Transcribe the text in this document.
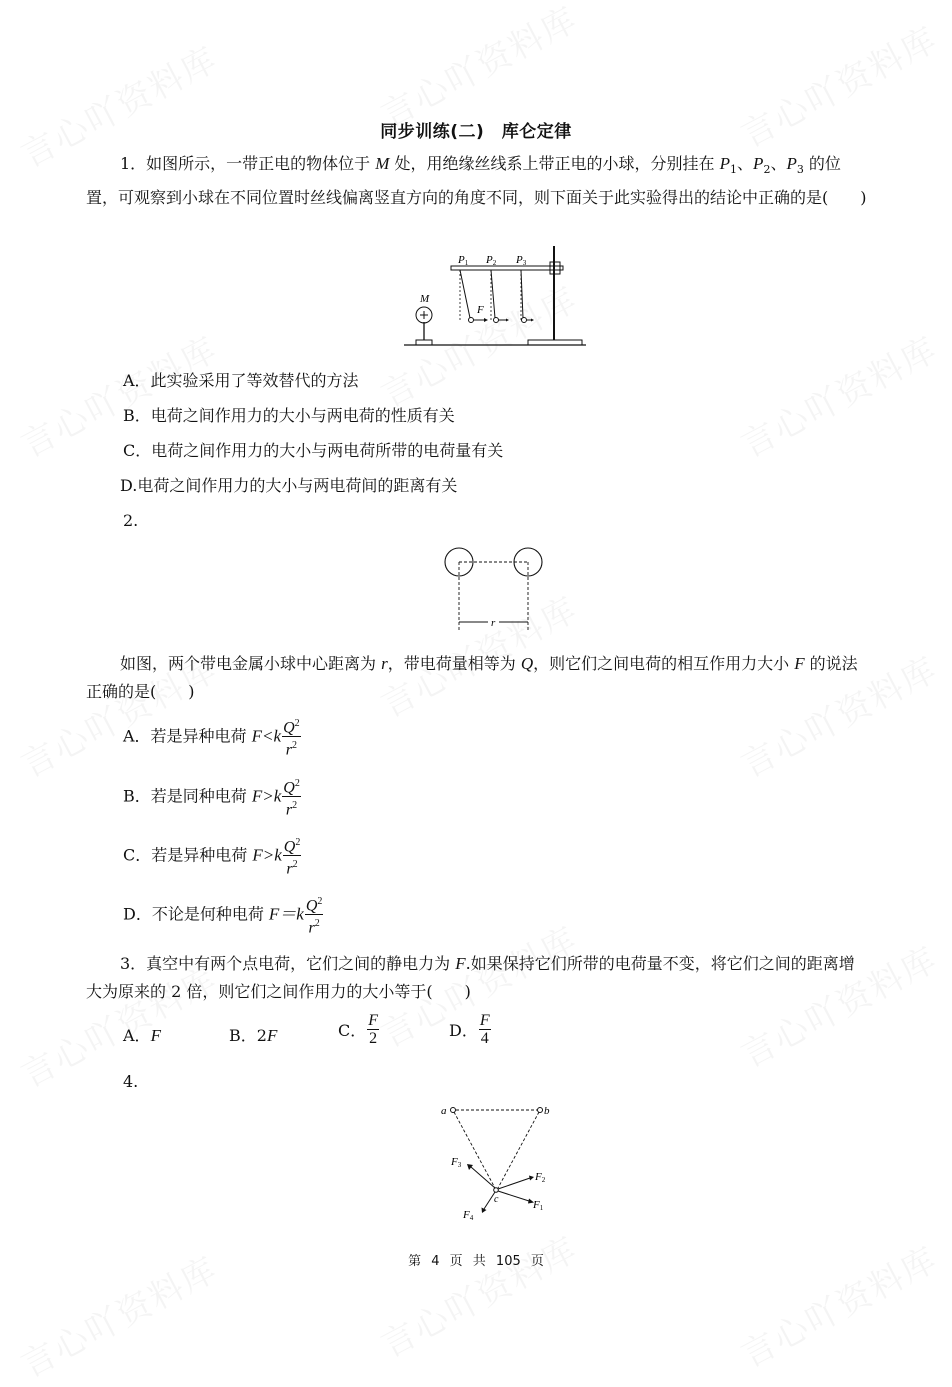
同步训练(二)　库仑定律
1．如图所示，一带正电的物体位于 M 处，用绝缘丝线系上带正电的小球，分别挂在 $P_1$、$P_2$、$P_3$ 的位置，可观察到小球在不同位置时丝线偏离竖直方向的角度不同，则下面关于此实验得出的结论中正确的是(　　)
M
F
P1 P2 P3
A．此实验采用了等效替代的方法
B．电荷之间作用力的大小与两电荷的性质有关
C．电荷之间作用力的大小与两电荷所带的电荷量有关
D.电荷之间作用力的大小与两电荷间的距离有关
2.
r
如图，两个带电金属小球中心距离为 r，带电荷量相等为 Q，则它们之间电荷的相互作用力大小 F 的说法正确的是(　　)
A．若是异种电荷 $F<k \frac{Q^2}{r^2}$
B．若是同种电荷 $F>k \frac{Q^2}{r^2}$
C．若是异种电荷 $F>k \frac{Q^2}{r^2}$
D．不论是何种电荷 $F=k \frac{Q^2}{r^2}$
3．真空中有两个点电荷，它们之间的静电力为 F.如果保持它们所带的电荷量不变，将它们之间的距离增大为原来的 2 倍，则它们之间作用力的大小等于(　　)
A．F	B．2F	C． $\frac{F}{2}$	D． $\frac{F}{4}$
4.
a	b
c	F1
F2
F3
F4
第 4 页 共 105 页
